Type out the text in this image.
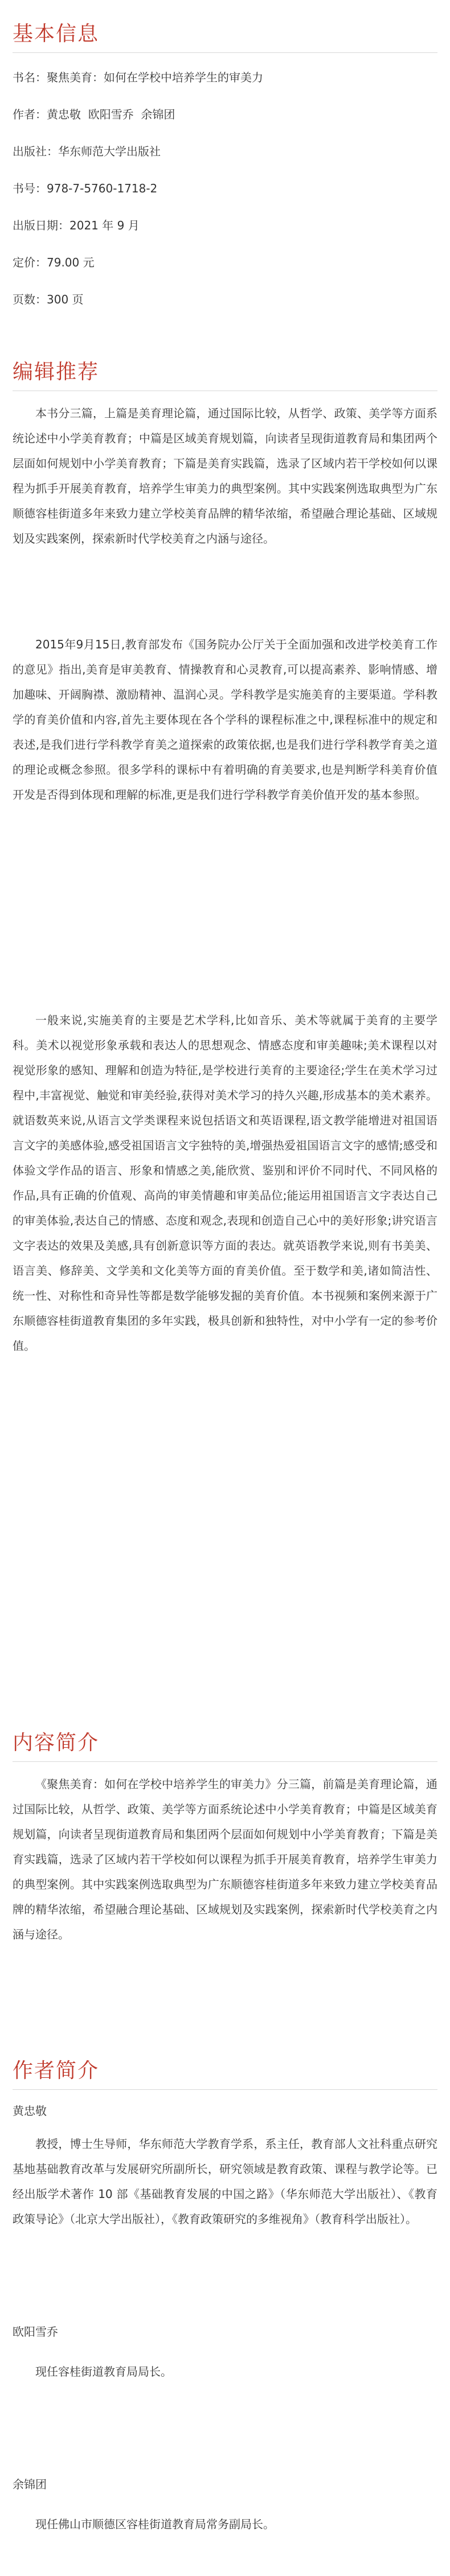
基本信息
书名：聚焦美育：如何在学校中培养学生的审美力
作者：黄忠敬  欧阳雪乔  余锦团
出版社：华东师范大学出版社
书号：978-7-5760-1718-2
出版日期：2021 年 9 月
定价：79.00 元
页数：300 页
编辑推荐

本书分三篇，上篇是美育理论篇，通过国际比较，从哲学、政策、美学等方面系统论述中小学美育教育；中篇是区域美育规划篇，向读者呈现街道教育局和集团两个层面如何规划中小学美育教育；下篇是美育实践篇，选录了区域内若干学校如何以课程为抓手开展美育教育，培养学生审美力的典型案例。其中实践案例选取典型为广东顺德容桂街道多年来致力建立学校美育品牌的精华浓缩，希望融合理论基础、区域规划及实践案例，探索新时代学校美育之内涵与途径。

2015年9月15日,教育部发布《国务院办公厅关于全面加强和改进学校美育工作的意见》指出,美育是审美教育、情操教育和心灵教育,可以提高素养、影响情感、增加趣味、开阔胸襟、激励精神、温润心灵。学科教学是实施美育的主要渠道。学科教学的育美价值和内容,首先主要体现在各个学科的课程标准之中,课程标准中的规定和表述,是我们进行学科教学育美之道探索的政策依据,也是我们进行学科教学育美之道的理论或概念参照。很多学科的课标中有着明确的育美要求,也是判断学科美育价值开发是否得到体现和理解的标准,更是我们进行学科教学育美价值开发的基本参照。

一般来说,实施美育的主要是艺术学科,比如音乐、美术等就属于美育的主要学科。美术以视觉形象承载和表达人的思想观念、情感态度和审美趣味;美术课程以对视觉形象的感知、理解和创造为特征,是学校进行美育的主要途径;学生在美术学习过程中,丰富视觉、触觉和审美经验,获得对美术学习的持久兴趣,形成基本的美术素养。就语数英来说,从语言文学类课程来说包括语文和英语课程,语文教学能增进对祖国语言文字的美感体验,感受祖国语言文字独特的美,增强热爱祖国语言文字的感情;感受和体验文学作品的语言、形象和情感之美,能欣赏、鉴别和评价不同时代、不同风格的作品,具有正确的价值观、高尚的审美情趣和审美品位;能运用祖国语言文字表达自己的审美体验,表达自己的情感、态度和观念,表现和创造自己心中的美好形象;讲究语言文字表达的效果及美感,具有创新意识等方面的表达。就英语教学来说,则有书美美、语言美、修辞美、文学美和文化美等方面的育美价值。至于数学和美,诸如简洁性、统一性、对称性和奇异性等都是数学能够发掘的美育价值。本书视频和案例来源于广东顺德容桂街道教育集团的多年实践，极具创新和独特性，对中小学有一定的参考价值。

内容简介

《聚焦美育：如何在学校中培养学生的审美力》分三篇，前篇是美育理论篇，通过国际比较，从哲学、政策、美学等方面系统论述中小学美育教育；中篇是区域美育规划篇，向读者呈现街道教育局和集团两个层面如何规划中小学美育教育；下篇是美育实践篇，选录了区域内若干学校如何以课程为抓手开展美育教育，培养学生审美力的典型案例。其中实践案例选取典型为广东顺德容桂街道多年来致力建立学校美育品牌的精华浓缩，希望融合理论基础、区域规划及实践案例，探索新时代学校美育之内涵与途径。

作者简介
黄忠敬

教授，博士生导师，华东师范大学教育学系，系主任，教育部人文社科重点研究基地基础教育改革与发展研究所副所长，研究领域是教育政策、课程与教学论等。已经出版学术著作 10 部《基础教育发展的中国之路》（华东师范大学出版社）、《教育政策导论》（北京大学出版社），《教育政策研究的多维视角》（教育科学出版社）。

欧阳雪乔

现任容桂街道教育局局长。

余锦团

现任佛山市顺德区容桂街道教育局常务副局长。
